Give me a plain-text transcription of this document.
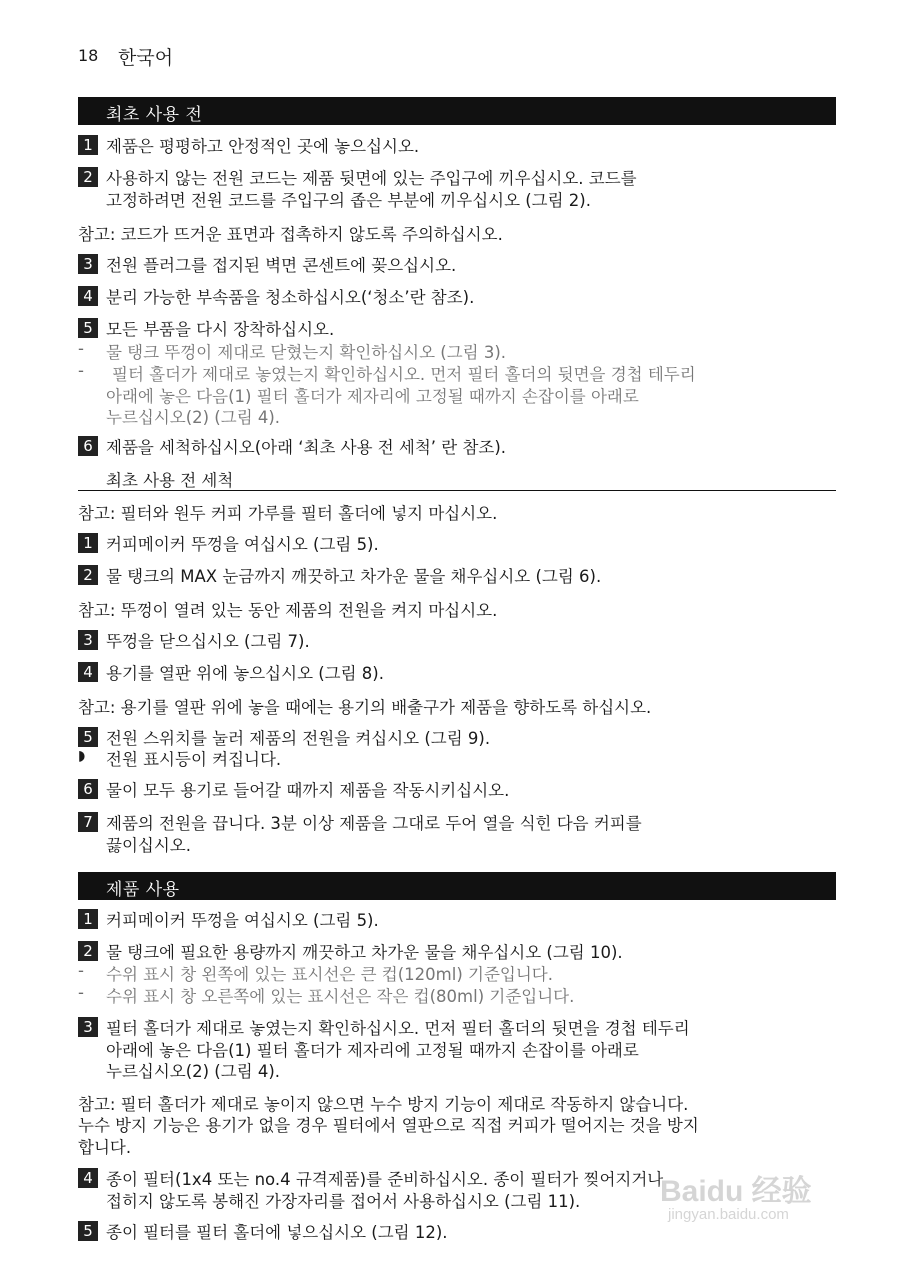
18 한국어
최초 사용 전
1 제품은 평평하고 안정적인 곳에 놓으십시오.
2 사용하지 않는 전원 코드는 제품 뒷면에 있는 주입구에 끼우십시오. 코드를
고정하려면 전원 코드를 주입구의 좁은 부분에 끼우십시오 (그림 2).
참고: 코드가 뜨거운 표면과 접촉하지 않도록 주의하십시오.
3 전원 플러그를 접지된 벽면 콘센트에 꽂으십시오.
4 분리 가능한 부속품을 청소하십시오(‘청소’란 참조).
5 모든 부품을 다시 장착하십시오.
- 물 탱크 뚜껑이 제대로 닫혔는지 확인하십시오 (그림 3).
- 필터 홀더가 제대로 놓였는지 확인하십시오. 먼저 필터 홀더의 뒷면을 경첩 테두리
아래에 놓은 다음(1) 필터 홀더가 제자리에 고정될 때까지 손잡이를 아래로
누르십시오(2) (그림 4).
6 제품을 세척하십시오(아래 ‘최초 사용 전 세척’ 란 참조).
최초 사용 전 세척
참고: 필터와 원두 커피 가루를 필터 홀더에 넣지 마십시오.
1 커피메이커 뚜껑을 여십시오 (그림 5).
2 물 탱크의 MAX 눈금까지 깨끗하고 차가운 물을 채우십시오 (그림 6).
참고: 뚜껑이 열려 있는 동안 제품의 전원을 켜지 마십시오.
3 뚜껑을 닫으십시오 (그림 7).
4 용기를 열판 위에 놓으십시오 (그림 8).
참고: 용기를 열판 위에 놓을 때에는 용기의 배출구가 제품을 향하도록 하십시오.
5 전원 스위치를 눌러 제품의 전원을 켜십시오 (그림 9).
◗ 전원 표시등이 켜집니다.
6 물이 모두 용기로 들어갈 때까지 제품을 작동시키십시오.
7 제품의 전원을 끕니다. 3분 이상 제품을 그대로 두어 열을 식힌 다음 커피를
끓이십시오.
제품 사용
1 커피메이커 뚜껑을 여십시오 (그림 5).
2 물 탱크에 필요한 용량까지 깨끗하고 차가운 물을 채우십시오 (그림 10).
- 수위 표시 창 왼쪽에 있는 표시선은 큰 컵(120ml) 기준입니다.
- 수위 표시 창 오른쪽에 있는 표시선은 작은 컵(80ml) 기준입니다.
3 필터 홀더가 제대로 놓였는지 확인하십시오. 먼저 필터 홀더의 뒷면을 경첩 테두리
아래에 놓은 다음(1) 필터 홀더가 제자리에 고정될 때까지 손잡이를 아래로
누르십시오(2) (그림 4).
참고: 필터 홀더가 제대로 놓이지 않으면 누수 방지 기능이 제대로 작동하지 않습니다.
누수 방지 기능은 용기가 없을 경우 필터에서 열판으로 직접 커피가 떨어지는 것을 방지
합니다.
4 종이 필터(1x4 또는 no.4 규격제품)를 준비하십시오. 종이 필터가 찢어지거나
접히지 않도록 봉해진 가장자리를 접어서 사용하십시오 (그림 11).
5 종이 필터를 필터 홀더에 넣으십시오 (그림 12).
Baidu 经验
jingyan.baidu.com
